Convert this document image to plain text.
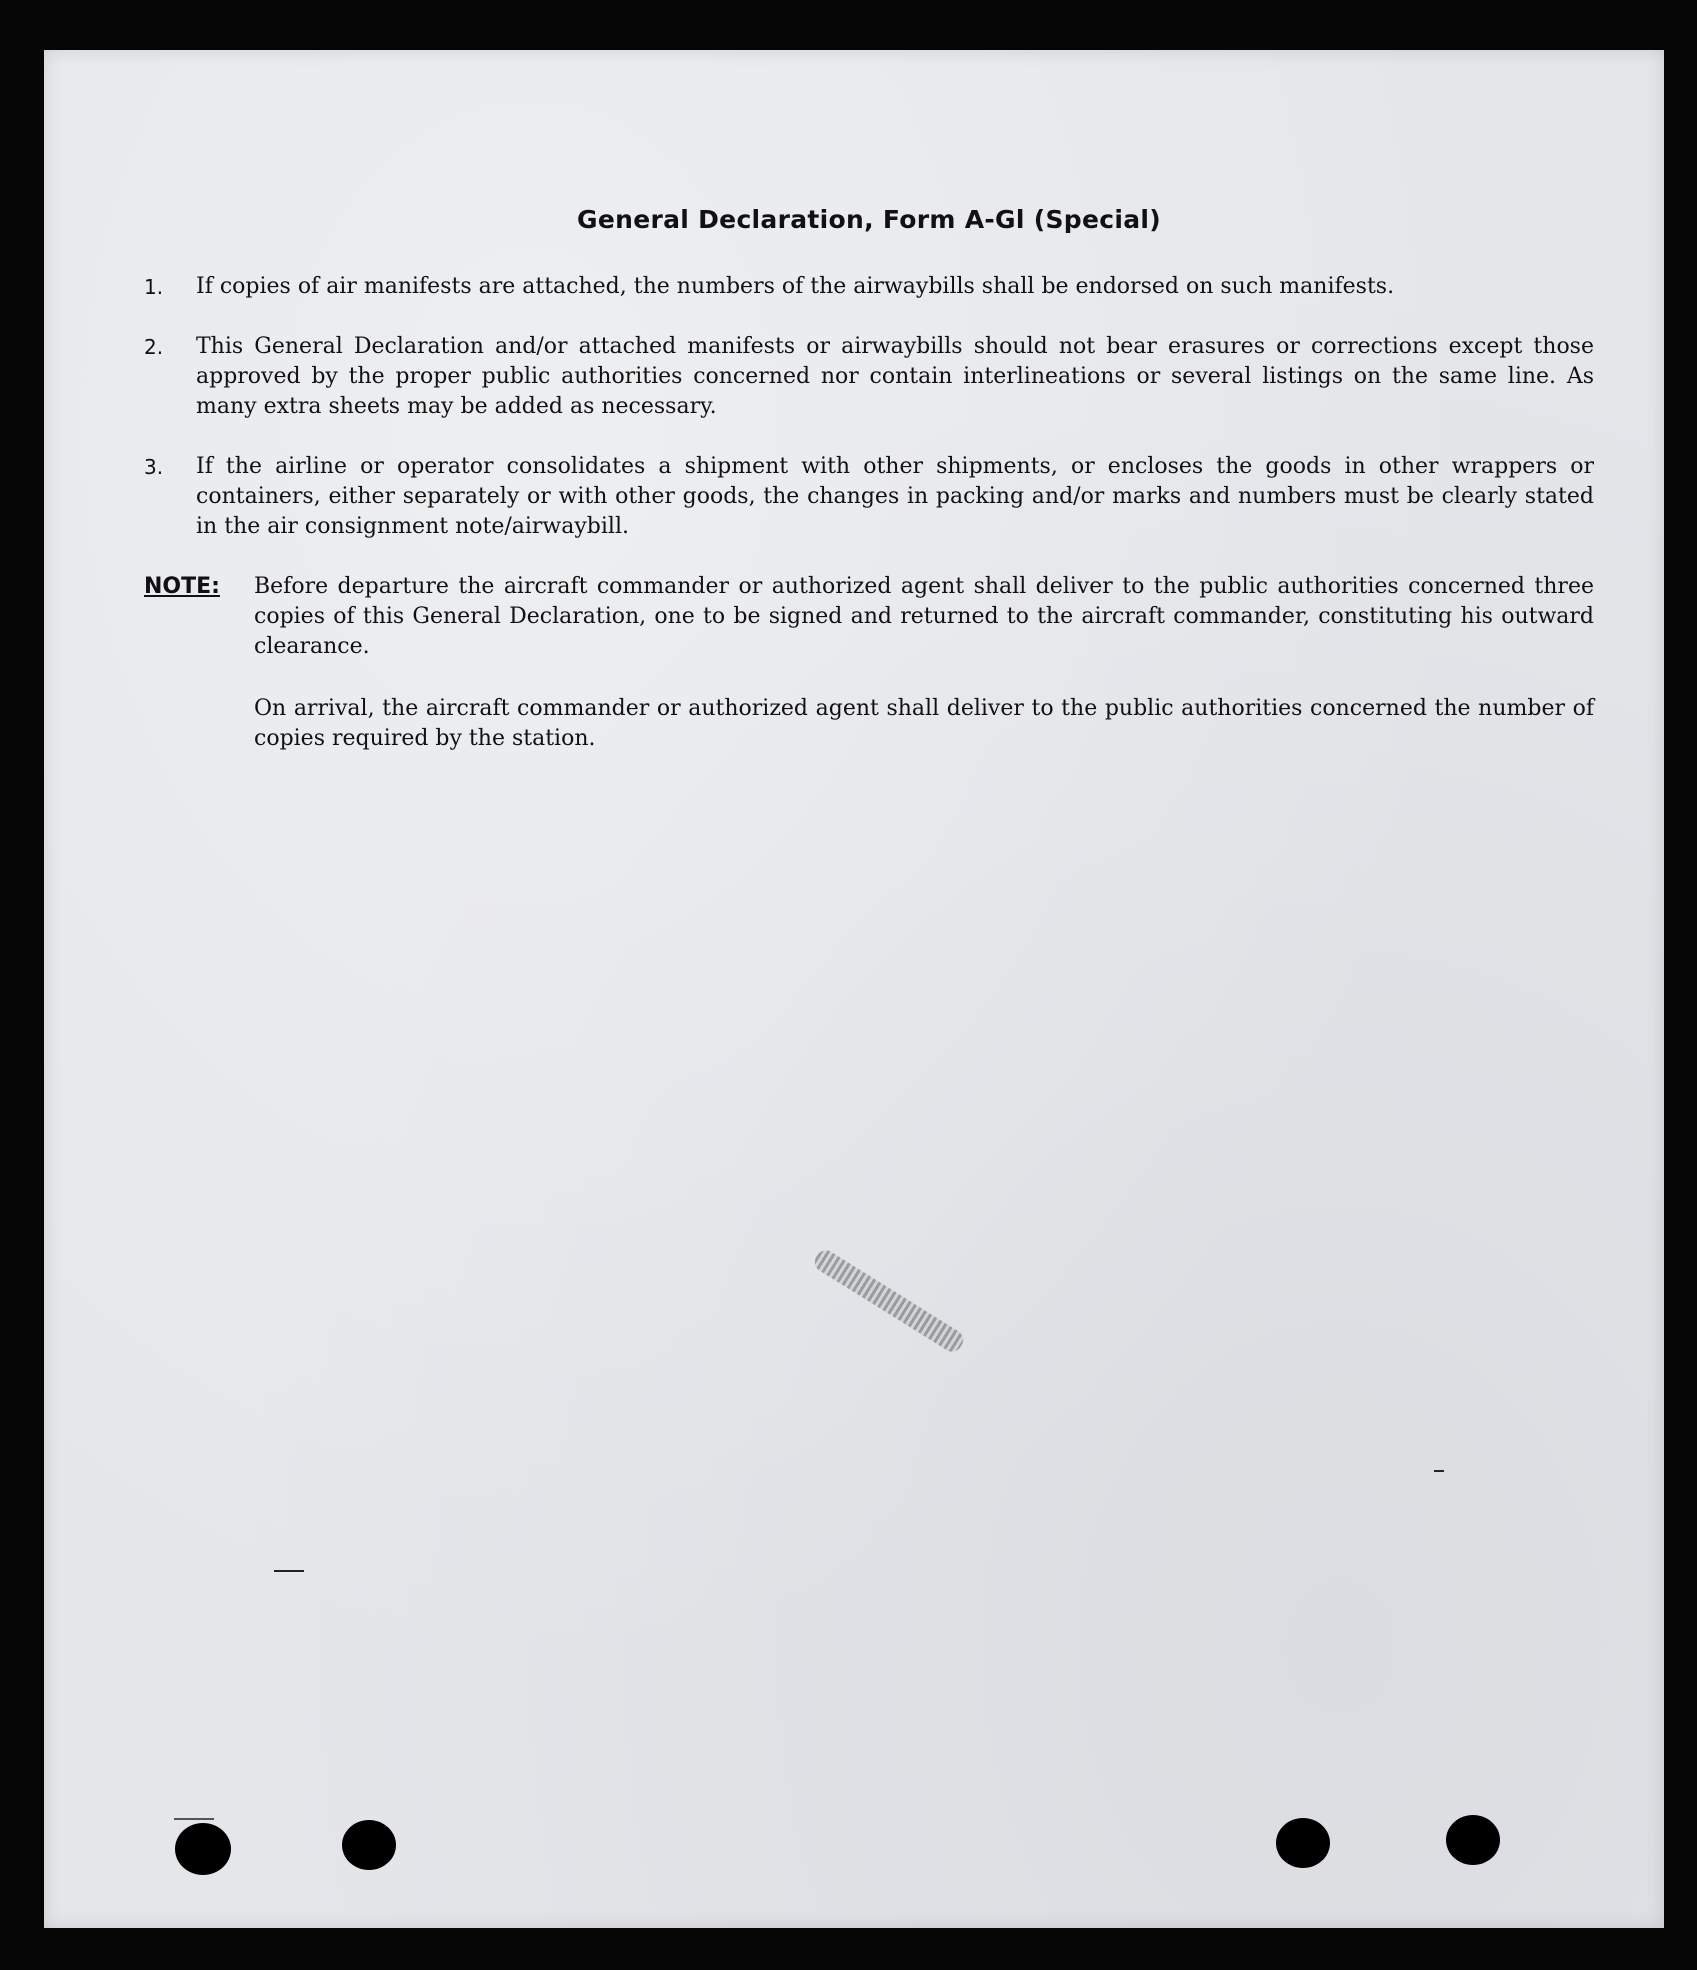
General Declaration, Form A-Gl (Special)
1.	If copies of air manifests are attached, the numbers of the airwaybills shall be endorsed on such manifests.
2.	This General Declaration and/or attached manifests or airwaybills should not bear erasures or corrections except those approved by the proper public authorities concerned nor contain interlineations or several listings on the same line. As many extra sheets may be added as necessary.
3.	If the airline or operator consolidates a shipment with other shipments, or encloses the goods in other wrappers or containers, either separately or with other goods, the changes in packing and/or marks and numbers must be clearly stated in the air consignment note/airwaybill.
NOTE:	Before departure the aircraft commander or authorized agent shall deliver to the public authorities concerned three copies of this General Declaration, one to be signed and returned to the aircraft commander, constituting his outward clearance.

On arrival, the aircraft commander or authorized agent shall deliver to the public authorities concerned the number of copies required by the station.
